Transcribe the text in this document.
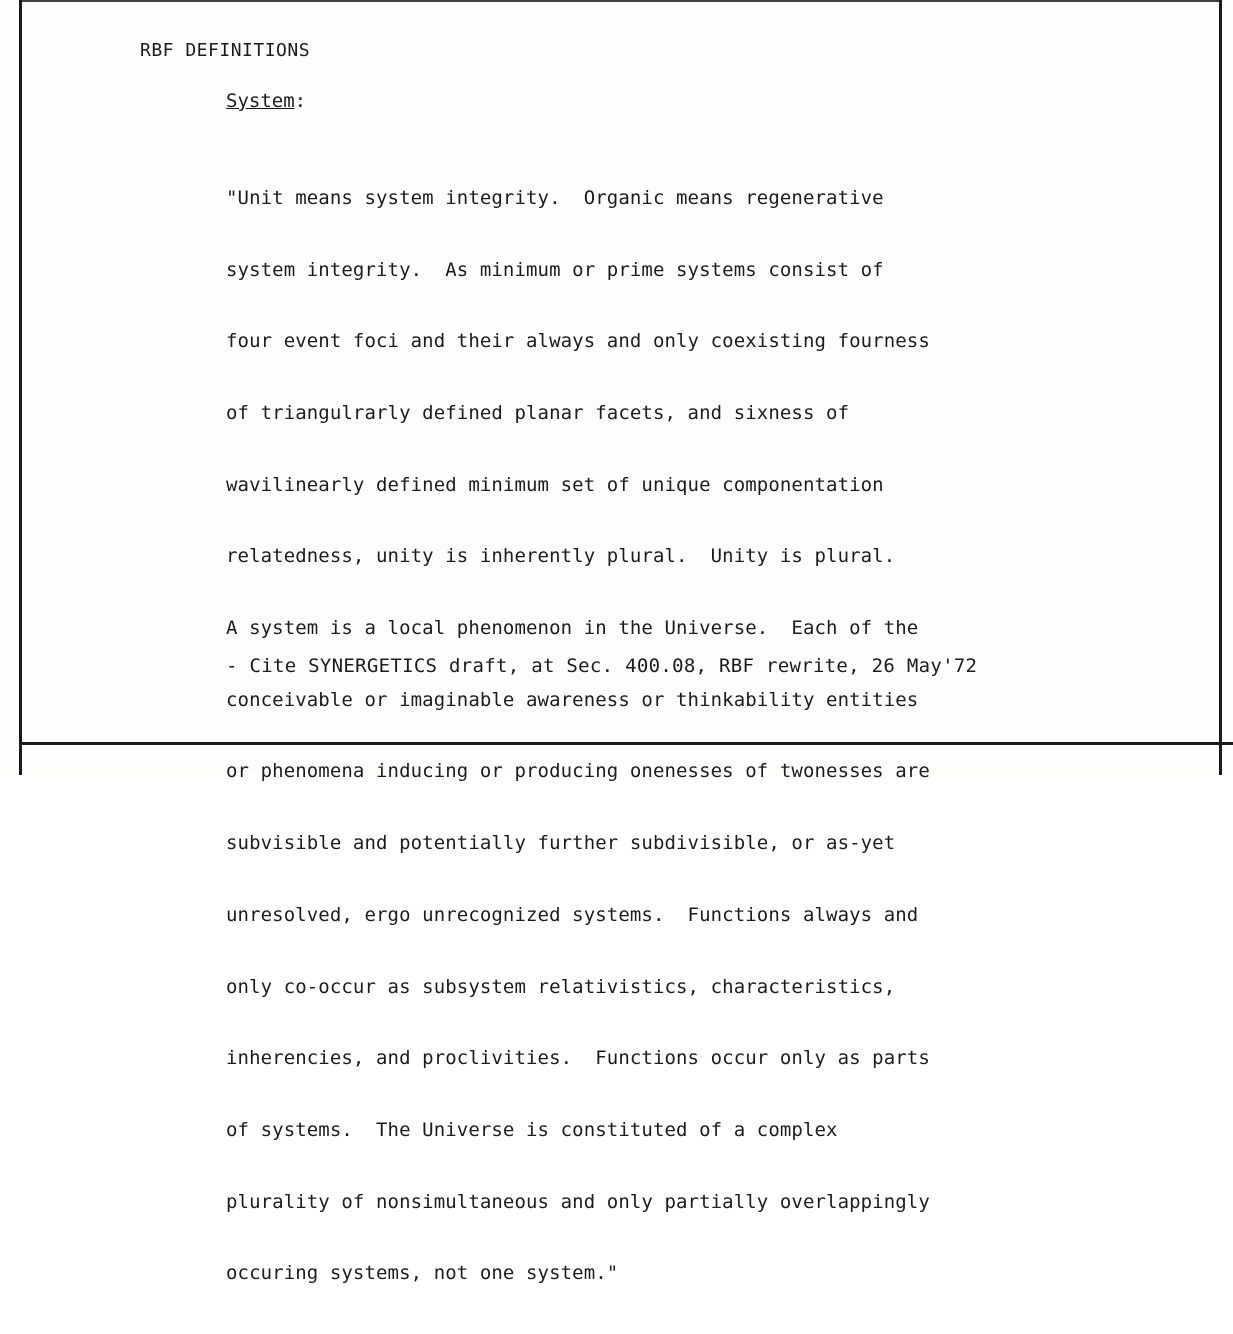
RBF DEFINITIONS

System:

"Unit means system integrity.  Organic means regenerative

system integrity.  As minimum or prime systems consist of

four event foci and their always and only coexisting fourness

of triangulrarly defined planar facets, and sixness of

wavilinearly defined minimum set of unique componentation

relatedness, unity is inherently plural.  Unity is plural.

A system is a local phenomenon in the Universe.  Each of the

conceivable or imaginable awareness or thinkability entities

or phenomena inducing or producing onenesses of twonesses are

subvisible and potentially further subdivisible, or as-yet

unresolved, ergo unrecognized systems.  Functions always and

only co-occur as subsystem relativistics, characteristics,

inherencies, and proclivities.  Functions occur only as parts

of systems.  The Universe is constituted of a complex

plurality of nonsimultaneous and only partially overlappingly

occuring systems, not one system."

- Cite SYNERGETICS draft, at Sec. 400.08, RBF rewrite, 26 May'72
